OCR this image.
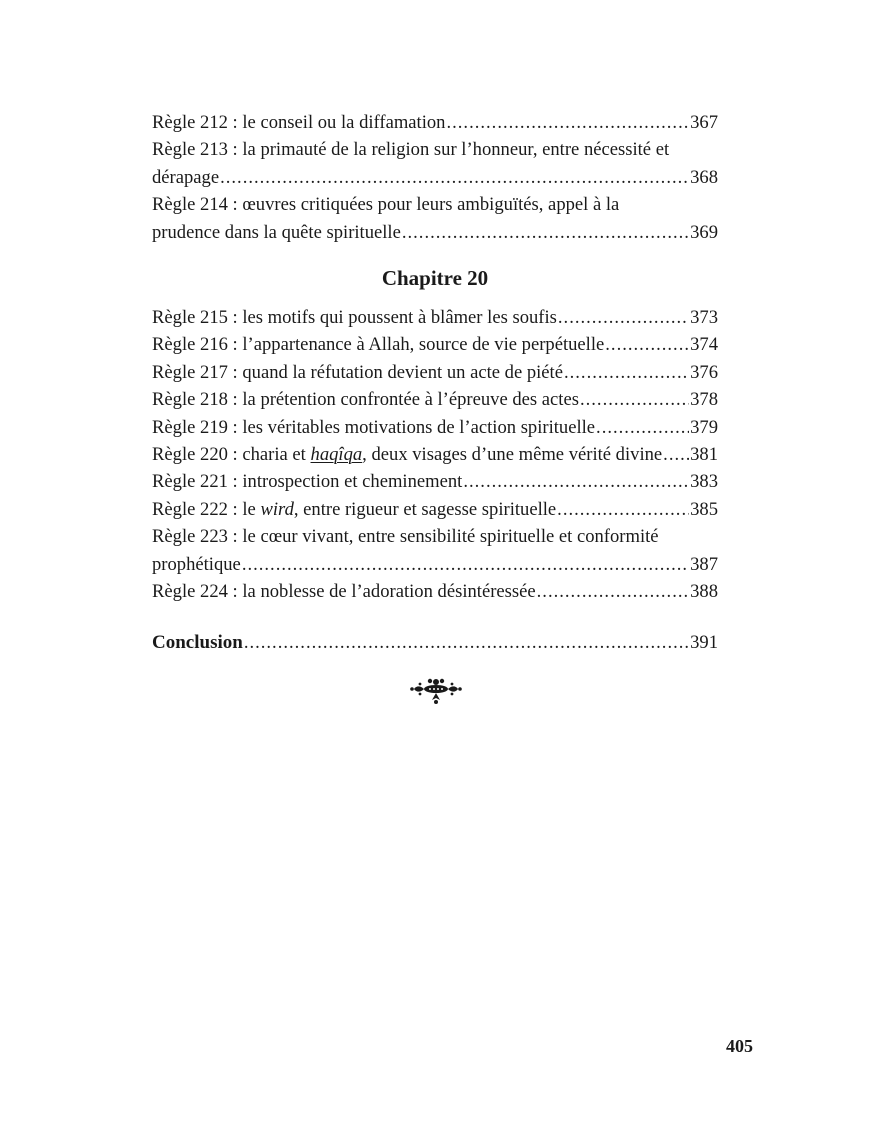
Règle 212 : le conseil ou la diffamation .....	367
Règle 213 : la primauté de la religion sur l’honneur, entre nécessité et
dérapage .....	368
Règle 214 : œuvres critiquées pour leurs ambiguïtés, appel à la
prudence dans la quête spirituelle .....	369
Chapitre 20
Règle 215 : les motifs qui poussent à blâmer les soufis .....	373
Règle 216 : l’appartenance à Allah, source de vie perpétuelle .....	374
Règle 217 : quand la réfutation devient un acte de piété .....	376
Règle 218 : la prétention confrontée à l’épreuve des actes .....	378
Règle 219 : les véritables motivations de l’action spirituelle .....	379
Règle 220 : charia et haqîqa, deux visages d’une même vérité divine ..... 381
Règle 221 : introspection et cheminement .....	383
Règle 222 : le wird, entre rigueur et sagesse spirituelle .....	385
Règle 223 : le cœur vivant, entre sensibilité spirituelle et conformité
prophétique .....	387
Règle 224 : la noblesse de l’adoration désintéressée .....	388
Conclusion .....	391
405
